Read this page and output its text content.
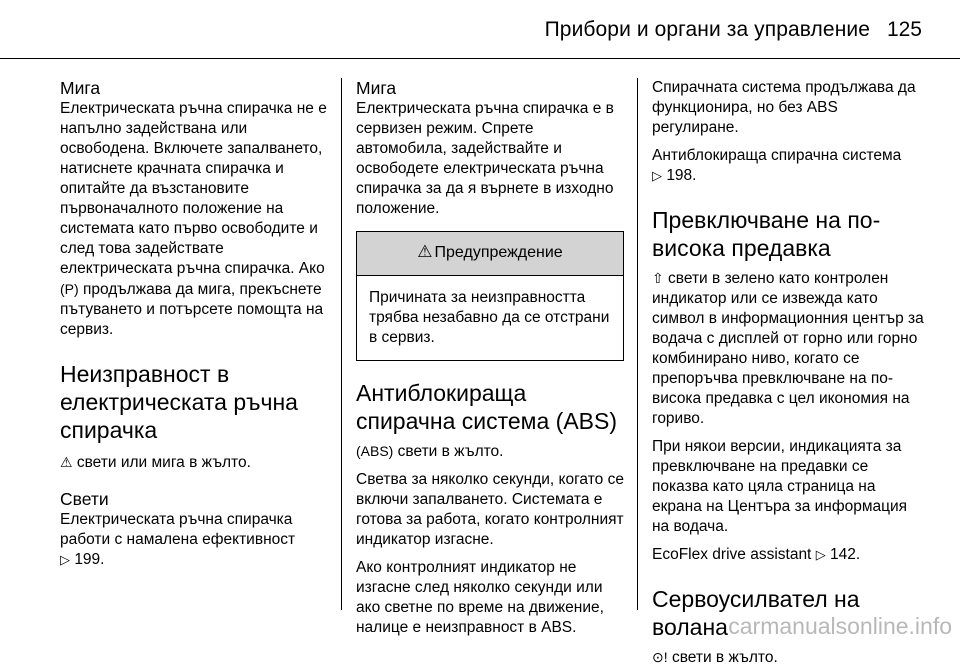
Прибори и органи за управление 125
Мига

Електрическата ръчна спирачка не е напълно задействана или освободена. Включете запалването, натиснете крачната спирачка и опитайте да възстановите първоначалното положение на системата като първо освободите и след това задействате електрическата ръчна спирачка. Ако (P) продължава да мига, прекъснете пътуването и потърсете помощта на сервиз.

Неизправност в електрическата ръчна спирачка

⚠ свети или мига в жълто.

Свети

Електрическата ръчна спирачка работи с намалена ефективност
▷ 199.

Мига

Електрическата ръчна спирачка е в сервизен режим. Спрете автомобила, задействайте и освободете електрическата ръчна спирачка за да я върнете в изходно положение.

⚠ Предупреждение
Причината за неизправността трябва незабавно да се отстрани в сервиз.
Антиблокираща спирачна система (ABS)

(ABS) свети в жълто.

Светва за няколко секунди, когато се включи запалването. Системата е готова за работа, когато контролният индикатор изгасне.

Ако контролният индикатор не изгасне след няколко секунди или ако светне по време на движение, налице е неизправност в ABS.

Спирачната система продължава да функционира, но без ABS регулиране.

Антиблокираща спирачна система
▷ 198.

Превключване на по-висока предавка

⇧ свети в зелено като контролен индикатор или се извежда като символ в информационния център за водача с дисплей от горно или горно комбинирано ниво, когато се препоръчва превключване на по-висока предавка с цел икономия на гориво.

При някои версии, индикацията за превключване на предавки се показва като цяла страница на екрана на Центъра за информация на водача.

EcoFlex drive assistant ▷ 142.

Сервоусилвател на волана

⊙! свети в жълто.

carmanualsonline.info
